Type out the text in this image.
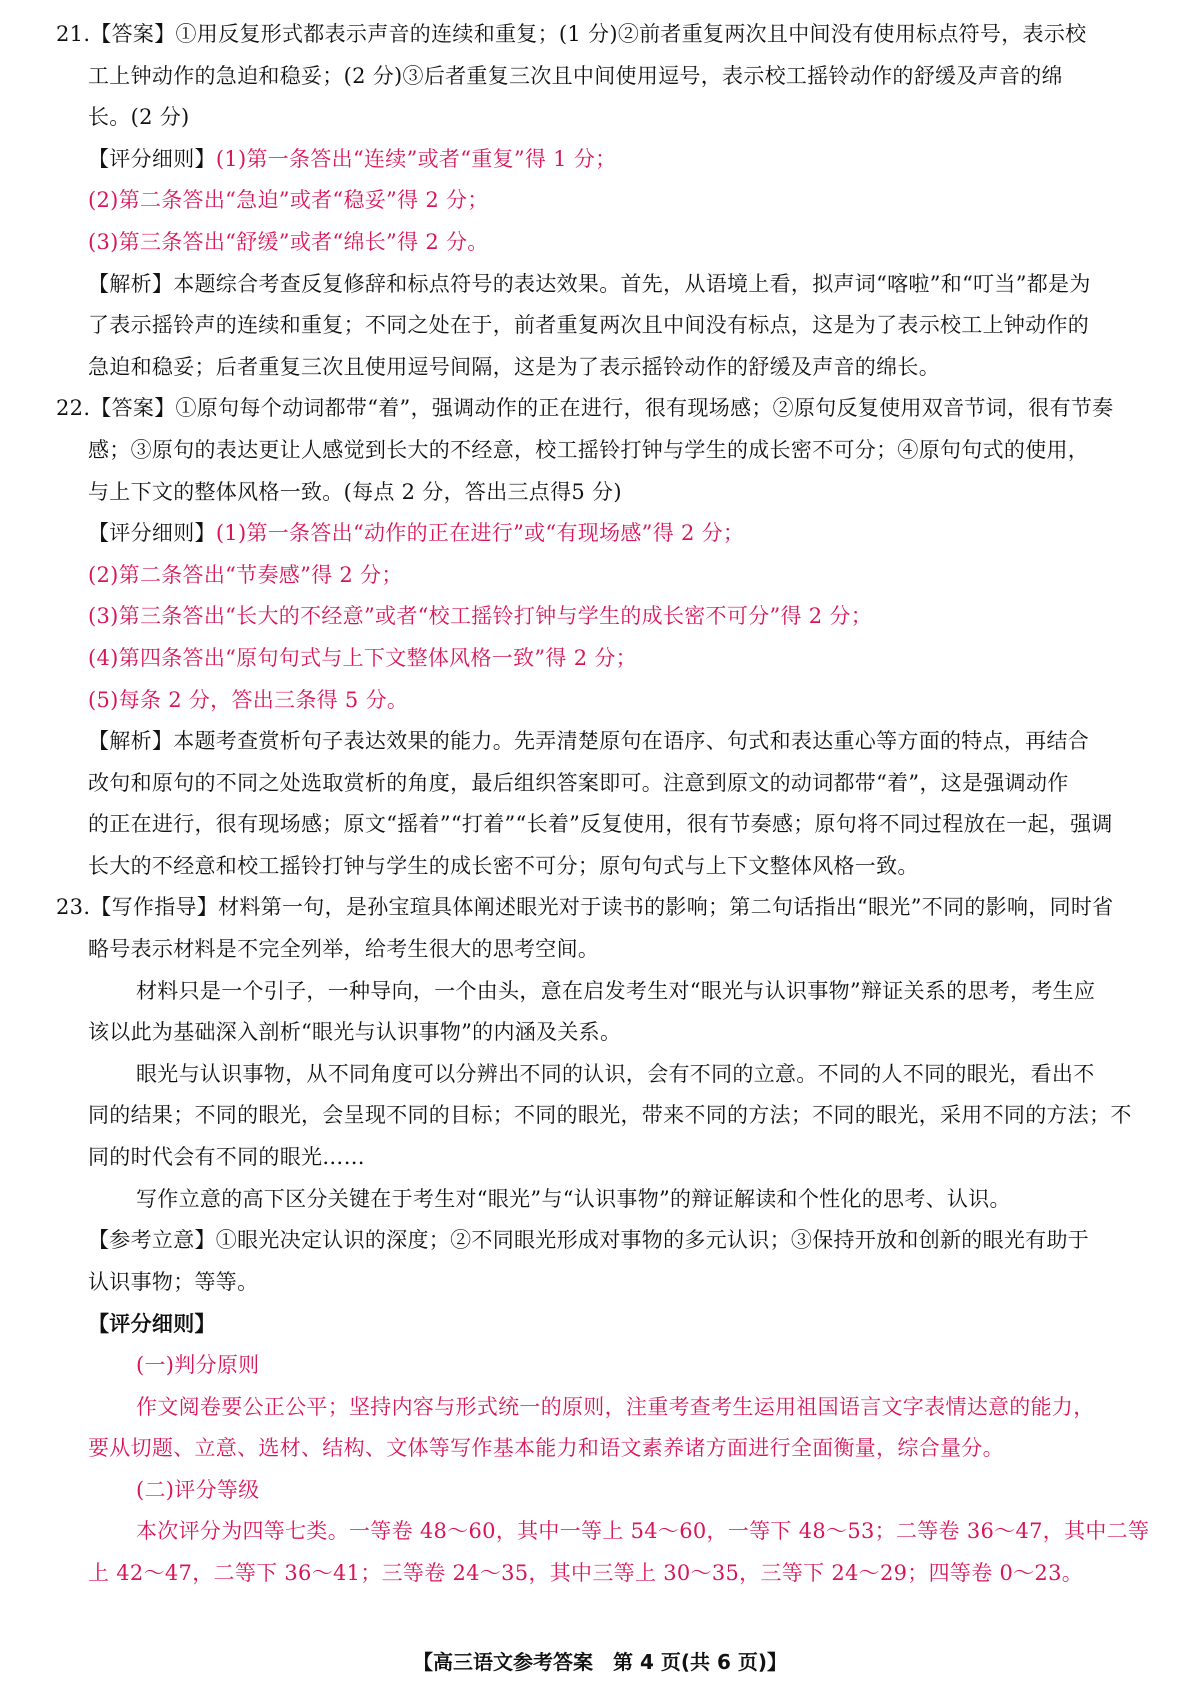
21.【答案】①用反复形式都表示声音的连续和重复；(1 分)②前者重复两次且中间没有使用标点符号，表示校
工上钟动作的急迫和稳妥；(2 分)③后者重复三次且中间使用逗号，表示校工摇铃动作的舒缓及声音的绵
长。(2 分)
【评分细则】(1)第一条答出“连续”或者“重复”得 1 分；
(2)第二条答出“急迫”或者“稳妥”得 2 分；
(3)第三条答出“舒缓”或者“绵长”得 2 分。
【解析】本题综合考查反复修辞和标点符号的表达效果。首先，从语境上看，拟声词“喀啦”和“叮当”都是为
了表示摇铃声的连续和重复；不同之处在于，前者重复两次且中间没有标点，这是为了表示校工上钟动作的
急迫和稳妥；后者重复三次且使用逗号间隔，这是为了表示摇铃动作的舒缓及声音的绵长。
22.【答案】①原句每个动词都带“着”，强调动作的正在进行，很有现场感；②原句反复使用双音节词，很有节奏
感；③原句的表达更让人感觉到长大的不经意，校工摇铃打钟与学生的成长密不可分；④原句句式的使用，
与上下文的整体风格一致。(每点 2 分，答出三点得5 分)
【评分细则】(1)第一条答出“动作的正在进行”或“有现场感”得 2 分；
(2)第二条答出“节奏感”得 2 分；
(3)第三条答出“长大的不经意”或者“校工摇铃打钟与学生的成长密不可分”得 2 分；
(4)第四条答出“原句句式与上下文整体风格一致”得 2 分；
(5)每条 2 分，答出三条得 5 分。
【解析】本题考查赏析句子表达效果的能力。先弄清楚原句在语序、句式和表达重心等方面的特点，再结合
改句和原句的不同之处选取赏析的角度，最后组织答案即可。注意到原文的动词都带“着”，这是强调动作
的正在进行，很有现场感；原文“摇着”“打着”“长着”反复使用，很有节奏感；原句将不同过程放在一起，强调
长大的不经意和校工摇铃打钟与学生的成长密不可分；原句句式与上下文整体风格一致。
23.【写作指导】材料第一句，是孙宝瑄具体阐述眼光对于读书的影响；第二句话指出“眼光”不同的影响，同时省
略号表示材料是不完全列举，给考生很大的思考空间。
材料只是一个引子，一种导向，一个由头，意在启发考生对“眼光与认识事物”辩证关系的思考，考生应
该以此为基础深入剖析“眼光与认识事物”的内涵及关系。
眼光与认识事物，从不同角度可以分辨出不同的认识，会有不同的立意。不同的人不同的眼光，看出不
同的结果；不同的眼光，会呈现不同的目标；不同的眼光，带来不同的方法；不同的眼光，采用不同的方法；不
同的时代会有不同的眼光……
写作立意的高下区分关键在于考生对“眼光”与“认识事物”的辩证解读和个性化的思考、认识。
【参考立意】①眼光决定认识的深度；②不同眼光形成对事物的多元认识；③保持开放和创新的眼光有助于
认识事物；等等。
【评分细则】
(一)判分原则
作文阅卷要公正公平；坚持内容与形式统一的原则，注重考查考生运用祖国语言文字表情达意的能力，
要从切题、立意、选材、结构、文体等写作基本能力和语文素养诸方面进行全面衡量，综合量分。
(二)评分等级
本次评分为四等七类。一等卷 48～60，其中一等上 54～60，一等下 48～53；二等卷 36～47，其中二等
上 42～47，二等下 36～41；三等卷 24～35，其中三等上 30～35，三等下 24～29；四等卷 0～23。
【高三语文参考答案　第 4 页(共 6 页)】
